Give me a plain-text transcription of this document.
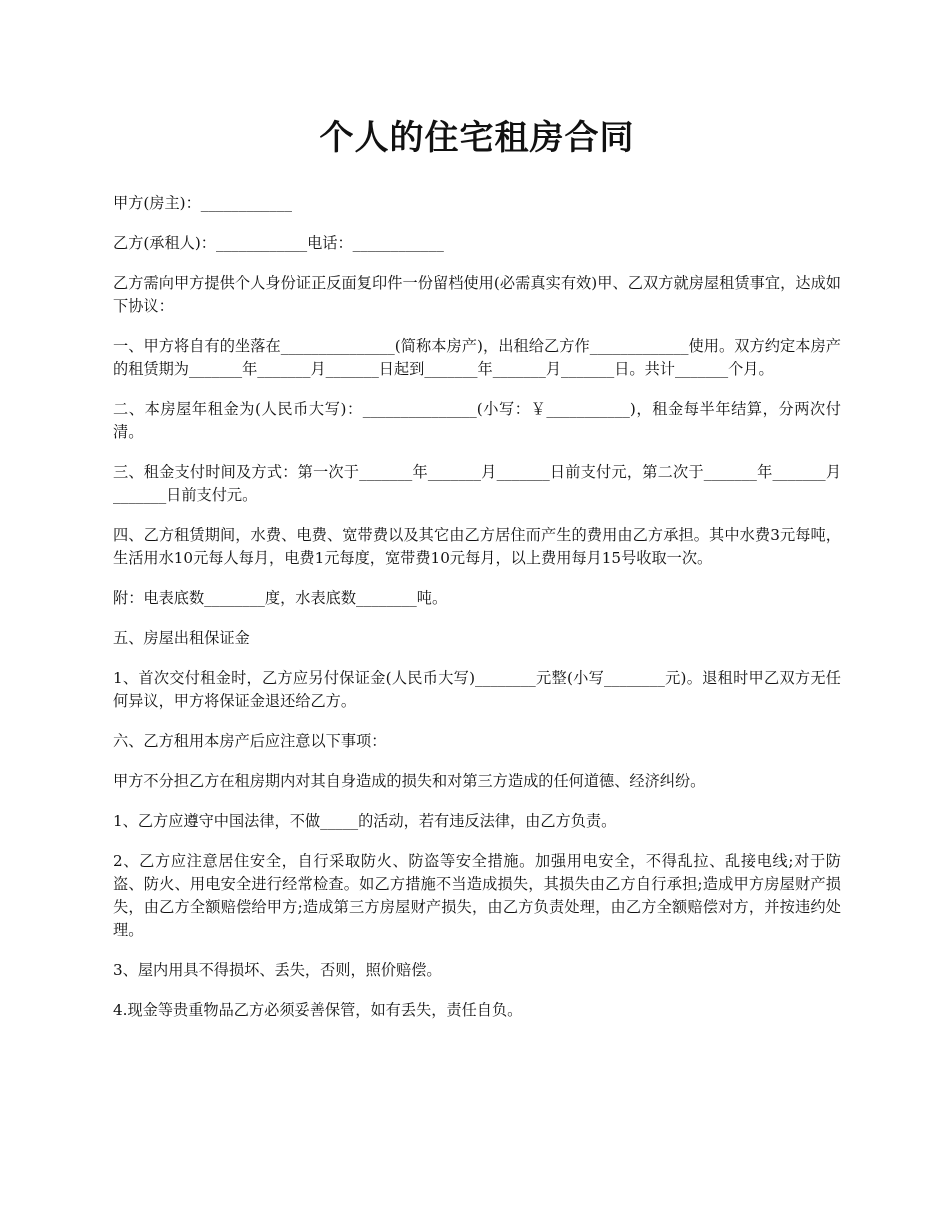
个人的住宅租房合同

甲方(房主)：____________

乙方(承租人)：____________电话：____________

乙方需向甲方提供个人身份证正反面复印件一份留档使用(必需真实有效)甲、乙双方就房屋租赁事宜，达成如下协议：

一、甲方将自有的坐落在_______________(简称本房产)，出租给乙方作_____________使用。双方约定本房产的租赁期为_______年_______月_______日起到_______年_______月_______日。共计_______个月。

二、本房屋年租金为(人民币大写)：_______________(小写：￥___________)，租金每半年结算，分两次付清。

三、租金支付时间及方式：第一次于_______年_______月_______日前支付元，第二次于_______年_______月_______日前支付元。

四、乙方租赁期间，水费、电费、宽带费以及其它由乙方居住而产生的费用由乙方承担。其中水费3元每吨，生活用水10元每人每月，电费1元每度，宽带费10元每月，以上费用每月15号收取一次。

附：电表底数________度，水表底数________吨。

五、房屋出租保证金

1、首次交付租金时，乙方应另付保证金(人民币大写)________元整(小写________元)。退租时甲乙双方无任何异议，甲方将保证金退还给乙方。

六、乙方租用本房产后应注意以下事项：

甲方不分担乙方在租房期内对其自身造成的损失和对第三方造成的任何道德、经济纠纷。

1、乙方应遵守中国法律，不做_____的活动，若有违反法律，由乙方负责。

2、乙方应注意居住安全，自行采取防火、防盗等安全措施。加强用电安全，不得乱拉、乱接电线;对于防盗、防火、用电安全进行经常检查。如乙方措施不当造成损失，其损失由乙方自行承担;造成甲方房屋财产损失，由乙方全额赔偿给甲方;造成第三方房屋财产损失，由乙方负责处理，由乙方全额赔偿对方，并按违约处理。

3、屋内用具不得损坏、丢失，否则，照价赔偿。

4.现金等贵重物品乙方必须妥善保管，如有丢失，责任自负。
